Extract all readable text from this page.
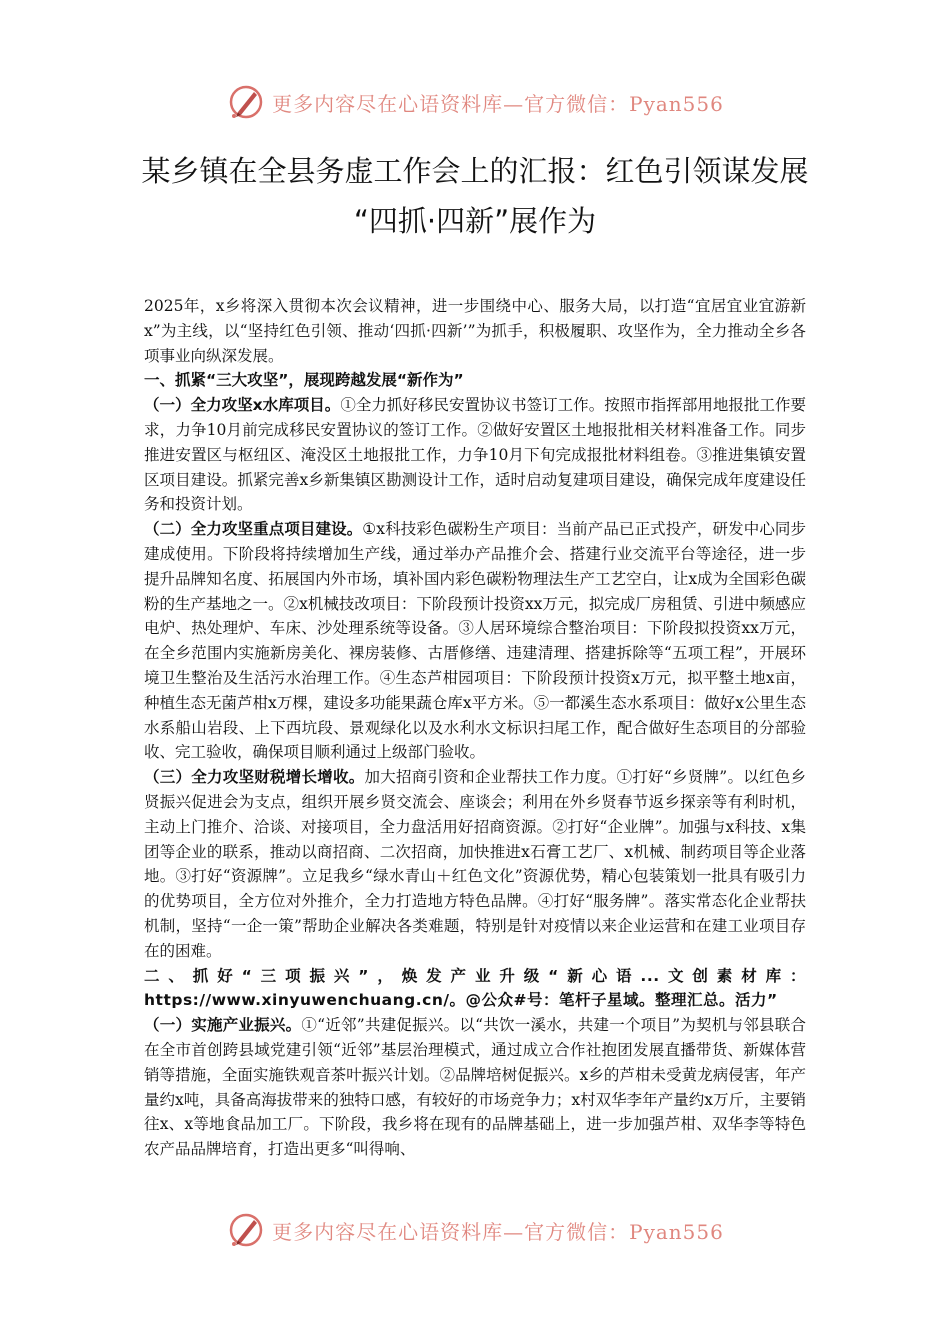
更多内容尽在心语资料库—官方微信：Pyan556
某乡镇在全县务虚工作会上的汇报：红色引领谋发展
“四抓·四新”展作为

2025年，x乡将深入贯彻本次会议精神，进一步围绕中心、服务大局，以打造“宜居宜业宜游新x”为主线，以“坚持红色引领、推动‘四抓·四新’”为抓手，积极履职、攻坚作为，全力推动全乡各项事业向纵深发展。

一、抓紧“三大攻坚”，展现跨越发展“新作为”

（一）全力攻坚x水库项目。①全力抓好移民安置协议书签订工作。按照市指挥部用地报批工作要求，力争10月前完成移民安置协议的签订工作。②做好安置区土地报批相关材料准备工作。同步推进安置区与枢纽区、淹没区土地报批工作，力争10月下旬完成报批材料组卷。③推进集镇安置区项目建设。抓紧完善x乡新集镇区勘测设计工作，适时启动复建项目建设，确保完成年度建设任务和投资计划。

（二）全力攻坚重点项目建设。①x科技彩色碳粉生产项目：当前产品已正式投产，研发中心同步建成使用。下阶段将持续增加生产线，通过举办产品推介会、搭建行业交流平台等途径，进一步提升品牌知名度、拓展国内外市场，填补国内彩色碳粉物理法生产工艺空白，让x成为全国彩色碳粉的生产基地之一。②x机械技改项目：下阶段预计投资xx万元，拟完成厂房租赁、引进中频感应电炉、热处理炉、车床、沙处理系统等设备。③人居环境综合整治项目：下阶段拟投资xx万元，在全乡范围内实施新房美化、裸房装修、古厝修缮、违建清理、搭建拆除等“五项工程”，开展环境卫生整治及生活污水治理工作。④生态芦柑园项目：下阶段预计投资x万元，拟平整土地x亩，种植生态无菌芦柑x万棵，建设多功能果蔬仓库x平方米。⑤一都溪生态水系项目：做好x公里生态水系船山岩段、上下西坑段、景观绿化以及水利水文标识扫尾工作，配合做好生态项目的分部验收、完工验收，确保项目顺利通过上级部门验收。

（三）全力攻坚财税增长增收。加大招商引资和企业帮扶工作力度。①打好“乡贤牌”。以红色乡贤振兴促进会为支点，组织开展乡贤交流会、座谈会；利用在外乡贤春节返乡探亲等有利时机，主动上门推介、洽谈、对接项目，全力盘活用好招商资源。②打好“企业牌”。加强与x科技、x集团等企业的联系，推动以商招商、二次招商，加快推进x石膏工艺厂、x机械、制药项目等企业落地。③打好“资源牌”。立足我乡“绿水青山＋红色文化”资源优势，精心包装策划一批具有吸引力的优势项目，全方位对外推介，全力打造地方特色品牌。④打好“服务牌”。落实常态化企业帮扶机制，坚持“一企一策”帮助企业解决各类难题，特别是针对疫情以来企业运营和在建工业项目存在的困难。

二、抓好“三项振兴”，焕发产业升级“新心语...文创素材库：https://www.xinyuwenchuang.cn/。@公众#号：笔杆子星域。整理汇总。活力”

（一）实施产业振兴。①“近邻”共建促振兴。以“共饮一溪水，共建一个项目”为契机与邻县联合在全市首创跨县域党建引领“近邻”基层治理模式，通过成立合作社抱团发展直播带货、新媒体营销等措施，全面实施铁观音茶叶振兴计划。②品牌培树促振兴。x乡的芦柑未受黄龙病侵害，年产量约x吨，具备高海拔带来的独特口感，有较好的市场竞争力；x村双华李年产量约x万斤，主要销往x、x等地食品加工厂。下阶段，我乡将在现有的品牌基础上，进一步加强芦柑、双华李等特色农产品品牌培育，打造出更多“叫得响、

更多内容尽在心语资料库—官方微信：Pyan556
